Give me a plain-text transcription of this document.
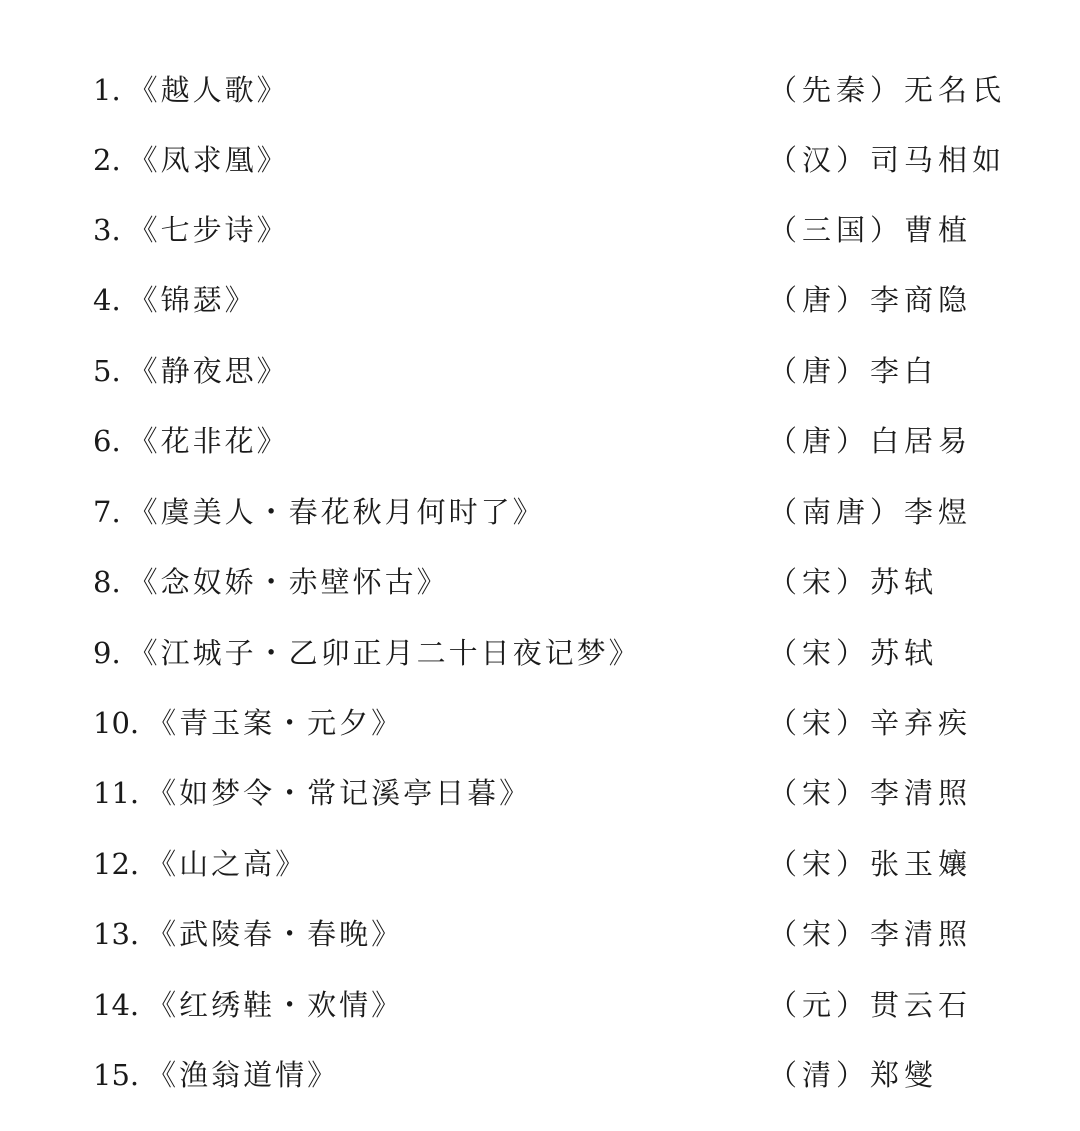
1. 《越人歌》	（先秦）无名氏
2. 《凤求凰》	（汉）司马相如
3. 《七步诗》	（三国）曹植
4. 《锦瑟》	（唐）李商隐
5. 《静夜思》	（唐）李白
6. 《花非花》	（唐）白居易
7. 《虞美人・春花秋月何时了》	（南唐）李煜
8. 《念奴娇・赤壁怀古》	（宋）苏轼
9. 《江城子・乙卯正月二十日夜记梦》	（宋）苏轼
10. 《青玉案・元夕》	（宋）辛弃疾
11. 《如梦令・常记溪亭日暮》	（宋）李清照
12. 《山之高》	（宋）张玉孃
13. 《武陵春・春晚》	（宋）李清照
14. 《红绣鞋・欢情》	（元）贯云石
15. 《渔翁道情》	（清）郑燮
